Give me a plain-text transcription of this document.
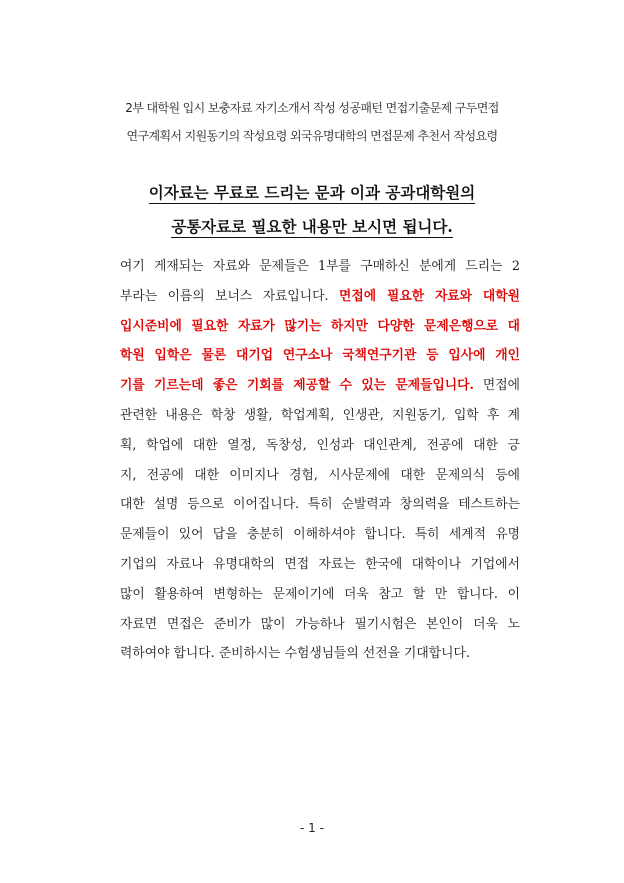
2부 대학원 입시 보충자료 자기소개서 작성 성공패턴 면접기출문제 구두면접
연구계획서 지원동기의 작성요령 외국유명대학의 면접문제 추천서 작성요령
이자료는 무료로 드리는 문과 이과 공과대학원의
공통자료로 필요한 내용만 보시면 됩니다.
여기 게재되는 자료와 문제들은 1부를 구매하신 분에게 드리는 2
부라는 이름의 보너스 자료입니다. 면접에 필요한 자료와 대학원
입시준비에 필요한 자료가 많기는 하지만 다양한 문제은행으로 대
학원 입학은 물론 대기업 연구소나 국책연구기관 등 입사에 개인
기를 기르는데 좋은 기회를 제공할 수 있는 문제들입니다. 면접에
관련한 내용은 학창 생활, 학업계획, 인생관, 지원동기, 입학 후 계
획, 학업에 대한 열정, 독창성, 인성과 대인관계, 전공에 대한 긍
지, 전공에 대한 이미지나 경험, 시사문제에 대한 문제의식 등에
대한 설명 등으로 이어집니다. 특히 순발력과 창의력을 테스트하는
문제들이 있어 답을 충분히 이해하셔야 합니다. 특히 세계적 유명
기업의 자료나 유명대학의 면접 자료는 한국에 대학이나 기업에서
많이 활용하여 변형하는 문제이기에 더욱 참고 할 만 합니다. 이
자료면 면접은 준비가 많이 가능하나 필기시험은 본인이 더욱 노
력하여야 합니다. 준비하시는 수험생님들의 선전을 기대합니다.
- 1 -
